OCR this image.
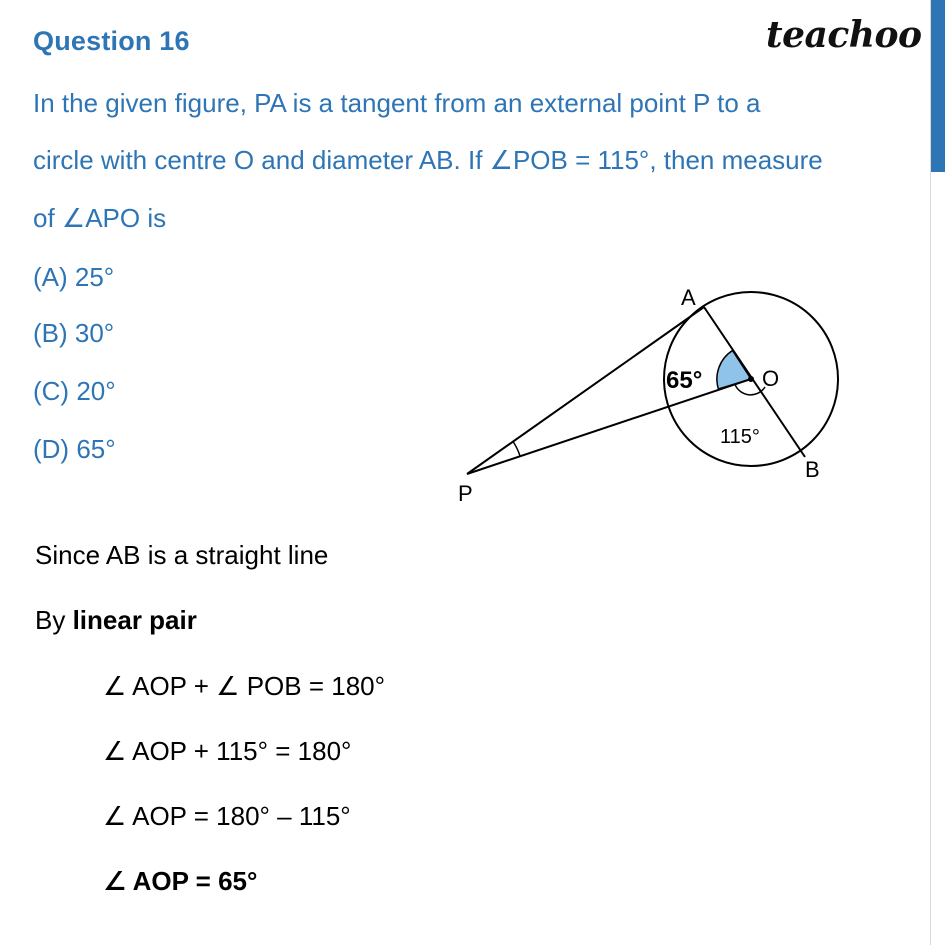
Question 16	teachoo
In the given figure, PA is a tangent from an external point P to a
circle with centre O and diameter AB. If ∠POB = 115°, then measure
of ∠APO is
(A) 25°
(B) 30°
(C) 20°
(D) 65°
A
O
B
P
65°
115°
Since AB is a straight line
By linear pair
∠ AOP + ∠ POB = 180°
∠ AOP + 115° = 180°
∠ AOP = 180° – 115°
∠ AOP = 65°
